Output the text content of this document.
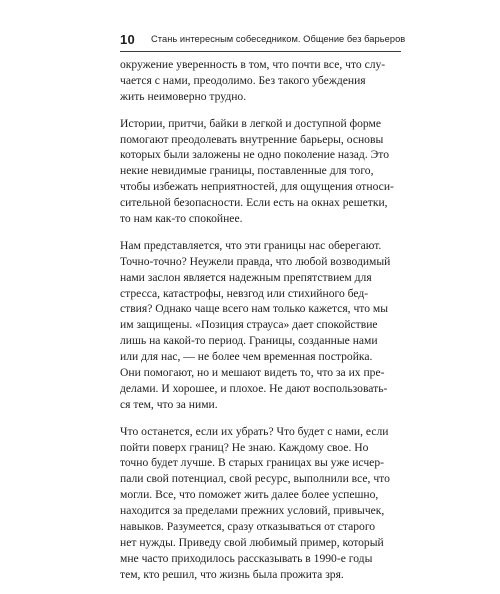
10 Стань интересным собеседником. Общение без барьеров
окружение уверенность в том, что почти все, что слу-
чается с нами, преодолимо. Без такого убеждения
жить неимоверно трудно.
Истории, притчи, байки в легкой и доступной форме
помогают преодолевать внутренние барьеры, основы
которых были заложены не одно поколение назад. Это
некие невидимые границы, поставленные для того,
чтобы избежать неприятностей, для ощущения относи-
сительной безопасности. Если есть на окнах решетки,
то нам как-то спокойнее.
Нам представляется, что эти границы нас оберегают.
Точно-точно? Неужели правда, что любой возводимый
нами заслон является надежным препятствием для
стресса, катастрофы, невзгод или стихийного бед-
ствия? Однако чаще всего нам только кажется, что мы
им защищены. «Позиция страуса» дает спокойствие
лишь на какой-то период. Границы, созданные нами
или для нас, — не более чем временная постройка.
Они помогают, но и мешают видеть то, что за их пре-
делами. И хорошее, и плохое. Не дают воспользовать-
ся тем, что за ними.
Что останется, если их убрать? Что будет с нами, если
пойти поверх границ? Не знаю. Каждому свое. Но
точно будет лучше. В старых границах вы уже исчер-
пали свой потенциал, свой ресурс, выполнили все, что
могли. Все, что поможет жить далее более успешно,
находится за пределами прежних условий, привычек,
навыков. Разумеется, сразу отказываться от старого
нет нужды. Приведу свой любимый пример, который
мне часто приходилось рассказывать в 1990-е годы
тем, кто решил, что жизнь была прожита зря.
